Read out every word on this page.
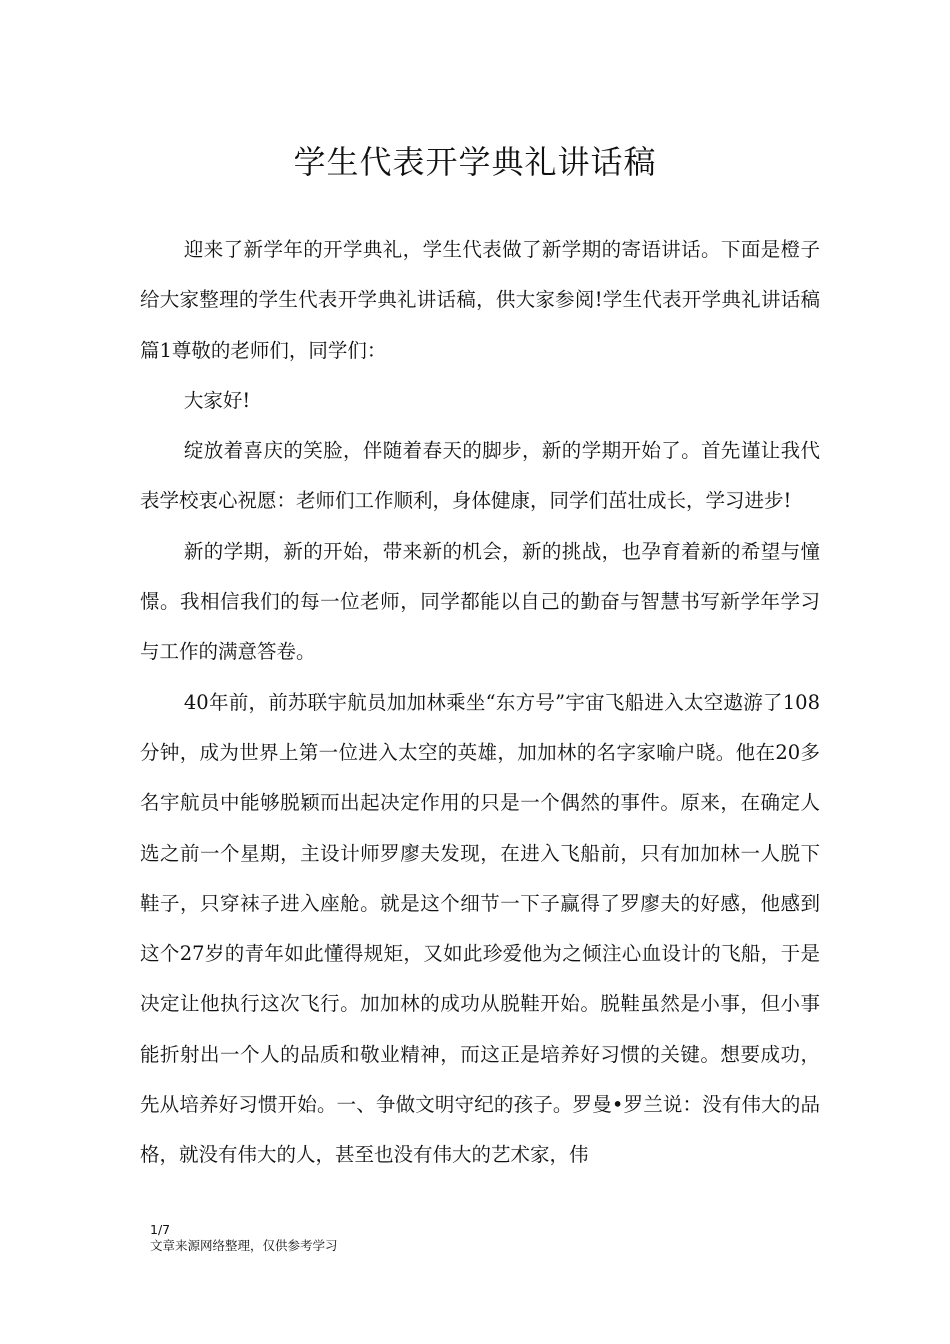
学生代表开学典礼讲话稿

迎来了新学年的开学典礼，学生代表做了新学期的寄语讲话。下面是橙子给大家整理的学生代表开学典礼讲话稿，供大家参阅!学生代表开学典礼讲话稿篇1尊敬的老师们，同学们：

大家好!

绽放着喜庆的笑脸，伴随着春天的脚步，新的学期开始了。首先谨让我代表学校衷心祝愿：老师们工作顺利，身体健康，同学们茁壮成长，学习进步!

新的学期，新的开始，带来新的机会，新的挑战，也孕育着新的希望与憧憬。我相信我们的每一位老师，同学都能以自己的勤奋与智慧书写新学年学习与工作的满意答卷。

40年前，前苏联宇航员加加林乘坐“东方号”宇宙飞船进入太空遨游了108分钟，成为世界上第一位进入太空的英雄，加加林的名字家喻户晓。他在20多名宇航员中能够脱颖而出起决定作用的只是一个偶然的事件。原来，在确定人选之前一个星期，主设计师罗廖夫发现，在进入飞船前，只有加加林一人脱下鞋子，只穿袜子进入座舱。就是这个细节一下子赢得了罗廖夫的好感，他感到这个27岁的青年如此懂得规矩，又如此珍爱他为之倾注心血设计的飞船，于是决定让他执行这次飞行。加加林的成功从脱鞋开始。脱鞋虽然是小事，但小事能折射出一个人的品质和敬业精神，而这正是培养好习惯的关键。想要成功，先从培养好习惯开始。一、争做文明守纪的孩子。罗曼•罗兰说：没有伟大的品格，就没有伟大的人，甚至也没有伟大的艺术家，伟

1/7
文章来源网络整理，仅供参考学习
